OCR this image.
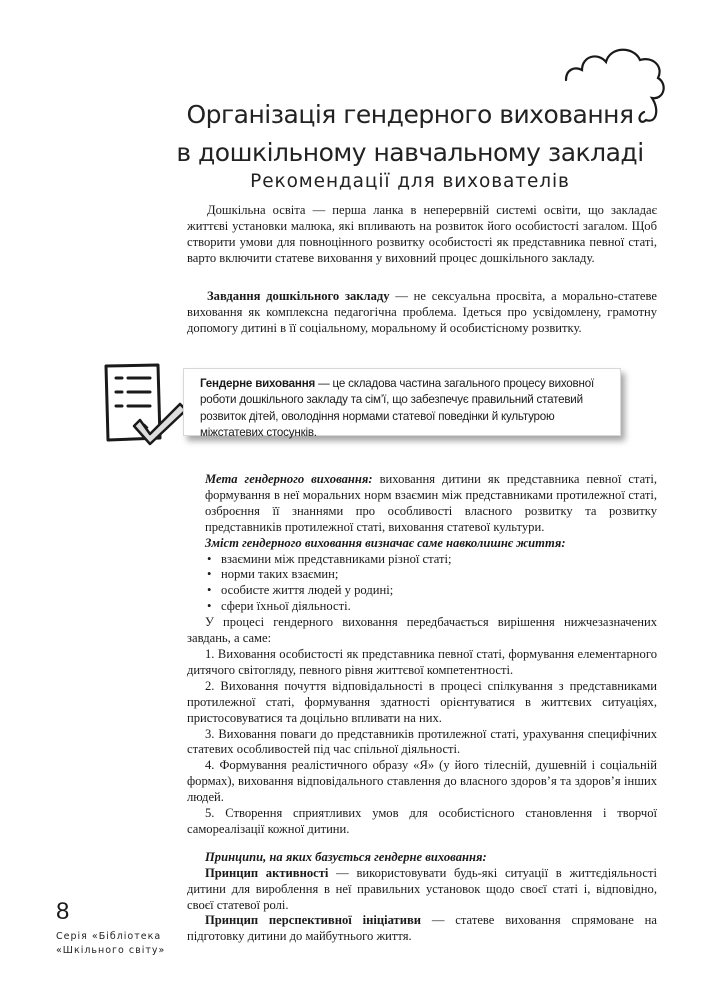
Організація гендерного виховання
в дошкільному навчальному закладі
Рекомендації для вихователів

Дошкільна освіта — перша ланка в неперервній системі освіти, що закладає життєві установки малюка, які впливають на розвиток його особистості загалом. Щоб створити умови для повноцінного розвитку особистості як представника певної статі, варто включити статеве виховання у виховний процес дошкільного закладу.

Завдання дошкільного закладу — не сексуальна просвіта, а морально-статеве виховання як комплексна педагогічна проблема. Ідеться про усвідомлену, грамотну допомогу дитині в її соціальному, моральному й особистісному розвитку.

Гендерне виховання — це складова частина загального процесу виховної роботи дошкільного закладу та сім’ї, що забезпечує правильний статевий розвиток дітей, оволодіння нормами статевої поведінки й культурою міжстатевих стосунків.

Мета гендерного виховання: виховання дитини як представника певної статі, формування в неї моральних норм взаємин між представниками протилежної статі, озброєння її знаннями про особливості власного розвитку та розвитку представників протилежної статі, виховання статевої культури.

Зміст гендерного виховання визначає саме навколишнє життя:

• взаємини між представниками різної статі;
• норми таких взаємин;
• особисте життя людей у родині;
• сфери їхньої діяльності.

У процесі гендерного виховання передбачається вирішення нижчезазначених завдань, а саме:

1. Виховання особистості як представника певної статі, формування елементарного дитячого світогляду, певного рівня життєвої компетентності.

2. Виховання почуття відповідальності в процесі спілкування з представниками протилежної статі, формування здатності орієнтуватися в життєвих ситуаціях, пристосовуватися та доцільно впливати на них.

3. Виховання поваги до представників протилежної статі, урахування специфічних статевих особливостей під час спільної діяльності.

4. Формування реалістичного образу «Я» (у його тілесній, душевній і соціальній формах), виховання відповідального ставлення до власного здоров’я та здоров’я інших людей.

5. Створення сприятливих умов для особистісного становлення і творчої самореалізації кожної дитини.

Принципи, на яких базується гендерне виховання:

Принцип активності — використовувати будь-які ситуації в життєдіяльності дитини для вироблення в неї правильних установок щодо своєї статі і, відповідно, своєї статевої ролі.

Принцип перспективної ініціативи — статеве виховання спрямоване на підготовку дитини до майбутнього життя.

8
Серія «Бібліотека
«Шкільного світу»
